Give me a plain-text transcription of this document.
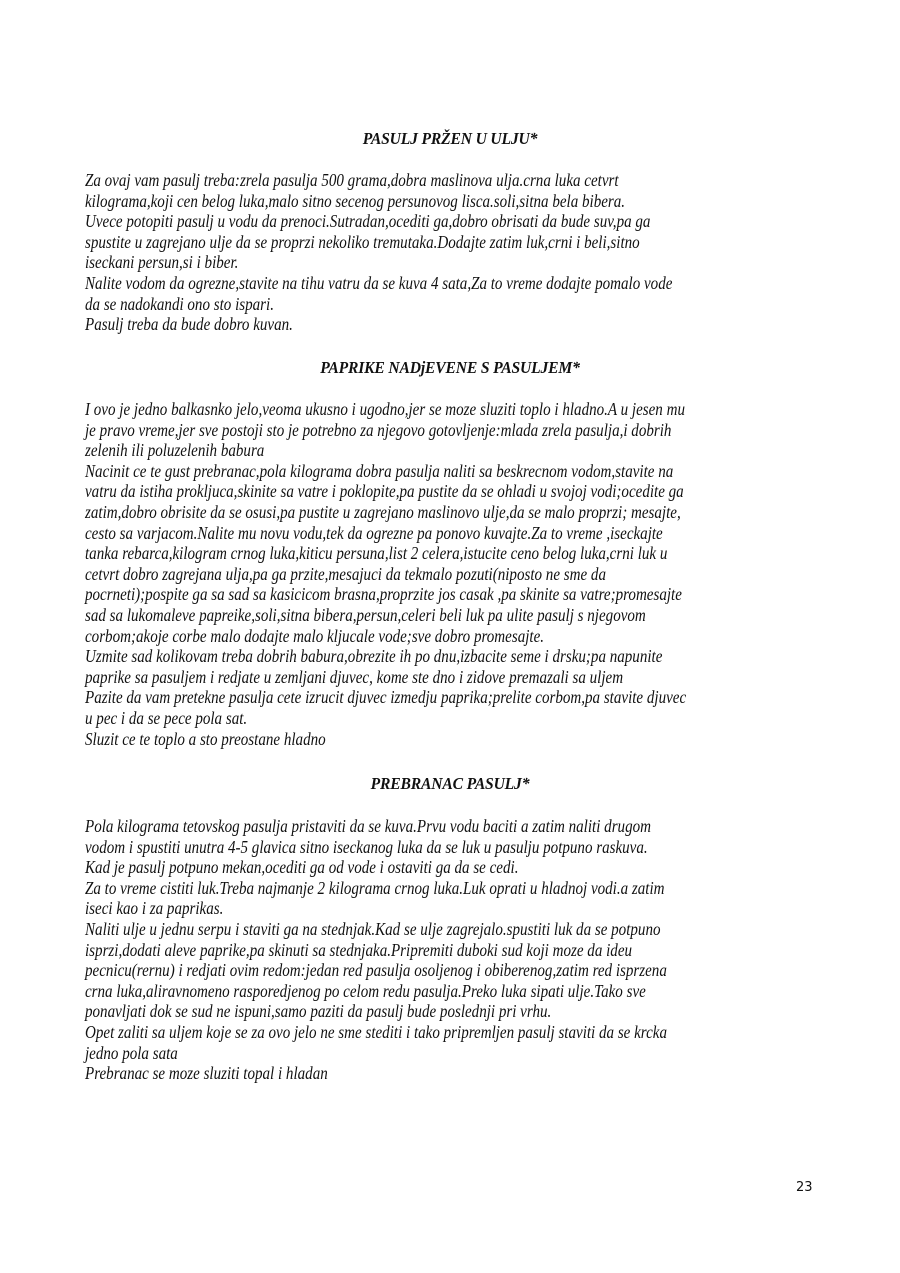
PASULJ PRŽEN U ULJU*
Za ovaj vam pasulj treba:zrela pasulja 500 grama,dobra maslinova ulja.crna luka cetvrt
kilograma,koji cen belog luka,malo sitno secenog persunovog lisca.soli,sitna bela bibera.
Uvece potopiti pasulj u vodu da prenoci.Sutradan,ocediti ga,dobro obrisati da bude suv,pa ga
spustite u zagrejano ulje da se proprzi nekoliko tremutaka.Dodajte zatim luk,crni i beli,sitno
iseckani persun,si i biber.
Nalite vodom da ogrezne,stavite na tihu vatru da se kuva 4 sata,Za to vreme dodajte pomalo vode
da se nadokandi ono sto ispari.
Pasulj treba da bude dobro kuvan.
PAPRIKE NADjEVENE S PASULJEM*
I ovo je jedno balkasnko jelo,veoma ukusno i ugodno,jer se moze sluziti toplo i hladno.A u jesen mu
je pravo vreme,jer sve postoji sto je potrebno za njegovo gotovljenje:mlada zrela pasulja,i dobrih
zelenih ili poluzelenih babura
Nacinit ce te gust prebranac,pola kilograma dobra pasulja naliti sa beskrecnom vodom,stavite na
vatru da istiha prokljuca,skinite sa vatre i poklopite,pa pustite da se ohladi u svojoj vodi;ocedite ga
zatim,dobro obrisite da se osusi,pa pustite u zagrejano maslinovo ulje,da se malo proprzi; mesajte,
cesto sa varjacom.Nalite mu novu vodu,tek da ogrezne pa ponovo kuvajte.Za to vreme ,iseckajte
tanka rebarca,kilogram crnog luka,kiticu persuna,list 2 celera,istucite ceno belog luka,crni luk u
cetvrt dobro zagrejana ulja,pa ga przite,mesajuci da tekmalo pozuti(niposto ne sme da
pocrneti);pospite ga sa sad sa kasicicom brasna,proprzite jos casak ,pa skinite sa vatre;promesajte
sad sa lukomaleve papreike,soli,sitna bibera,persun,celeri beli luk pa ulite pasulj s njegovom
corbom;akoje corbe malo dodajte malo kljucale vode;sve dobro promesajte.
Uzmite sad kolikovam treba dobrih babura,obrezite ih po dnu,izbacite seme i drsku;pa napunite
paprike sa pasuljem i redjate u zemljani djuvec, kome ste dno i zidove premazali sa uljem
Pazite da vam pretekne pasulja cete izrucit djuvec izmedju paprika;prelite corbom,pa stavite djuvec
u pec i da se pece pola sat.
Sluzit ce te toplo a sto preostane hladno
PREBRANAC PASULJ*
Pola kilograma tetovskog pasulja pristaviti da se kuva.Prvu vodu baciti a zatim naliti drugom
vodom i spustiti unutra 4-5 glavica sitno iseckanog luka da se luk u pasulju potpuno raskuva.
Kad je pasulj potpuno mekan,ocediti ga od vode i ostaviti ga da se cedi.
Za to vreme cistiti luk.Treba najmanje 2 kilograma crnog luka.Luk oprati u hladnoj vodi.a zatim
iseci kao i za paprikas.
Naliti ulje u jednu serpu i staviti ga na stednjak.Kad se ulje zagrejalo.spustiti luk da se potpuno
isprzi,dodati aleve paprike,pa skinuti sa stednjaka.Pripremiti duboki sud koji moze da ideu
pecnicu(rernu) i redjati ovim redom:jedan red pasulja osoljenog i obiberenog,zatim red isprzena
crna luka,aliravnomeno rasporedjenog po celom redu pasulja.Preko luka sipati ulje.Tako sve
ponavljati dok se sud ne ispuni,samo paziti da pasulj bude poslednji pri vrhu.
Opet zaliti sa uljem koje se za ovo jelo ne sme stediti i tako pripremljen pasulj staviti da se krcka
jedno pola sata
Prebranac se moze sluziti topal i hladan
23
